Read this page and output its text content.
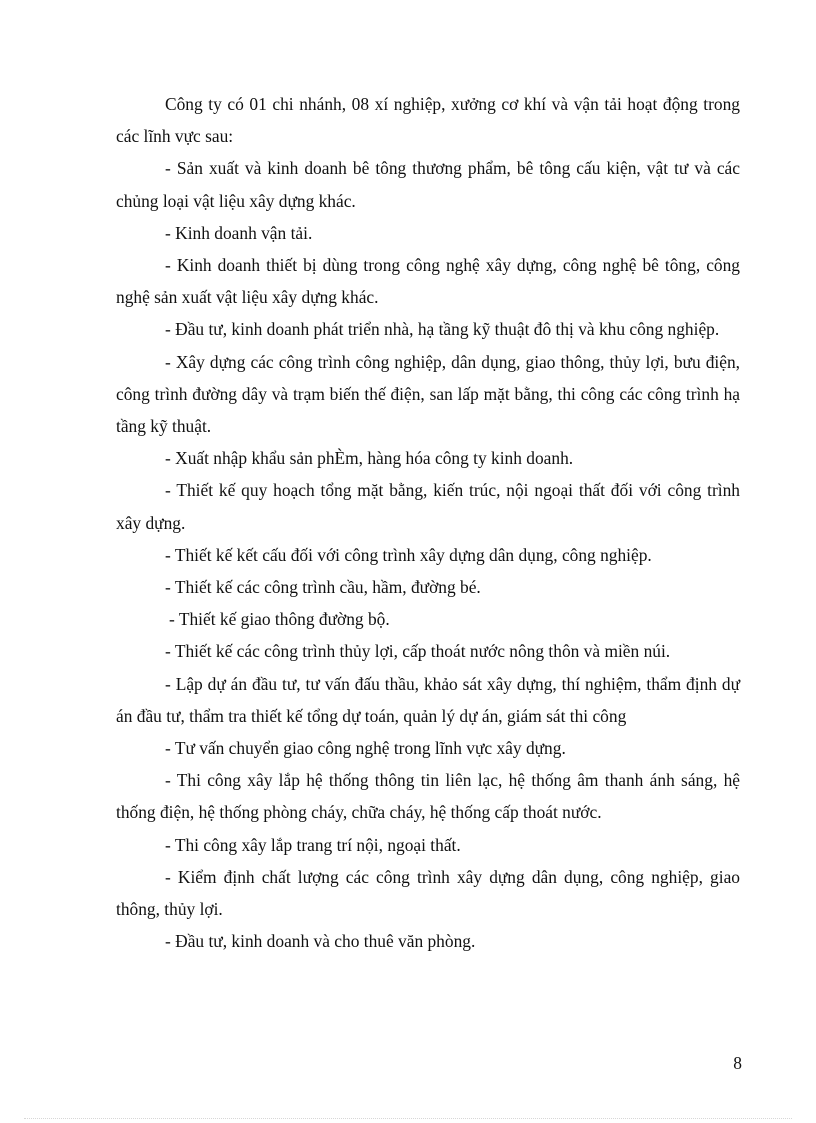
Công ty có 01 chi nhánh, 08 xí nghiệp, xưởng cơ khí và vận tải hoạt động trong các lĩnh vực sau:

- Sản xuất và kinh doanh bê tông thương phẩm, bê tông cấu kiện, vật tư và các chủng loại vật liệu xây dựng khác.

- Kinh doanh vận tải.

- Kinh doanh thiết bị dùng trong công nghệ xây dựng, công nghệ bê tông, công nghệ sản xuất vật liệu xây dựng khác.

- Đầu tư, kinh doanh phát triển nhà, hạ tầng kỹ thuật đô thị và khu công nghiệp.

- Xây dựng các công trình công nghiệp, dân dụng, giao thông, thủy lợi, bưu điện, công trình đường dây và trạm biến thế điện, san lấp mặt bằng, thi công các công trình hạ tầng kỹ thuật.

- Xuất nhập khẩu sản phÈm, hàng hóa công ty kinh doanh.

- Thiết kế quy hoạch tổng mặt bằng, kiến trúc, nội ngoại thất đối với công trình xây dựng.

- Thiết kế kết cấu đối với công trình xây dựng dân dụng, công nghiệp.

- Thiết kế các công trình cầu, hầm, đường bé.

- Thiết kế giao thông đường bộ.

- Thiết kế các công trình thủy lợi, cấp thoát nước nông thôn và miền núi.

- Lập dự án đầu tư, tư vấn đấu thầu, khảo sát xây dựng, thí nghiệm, thẩm định dự án đầu tư, thẩm tra thiết kế tổng dự toán, quản lý dự án, giám sát thi công

- Tư vấn chuyển giao công nghệ trong lĩnh vực xây dựng.

- Thi công xây lắp hệ thống thông tin liên lạc, hệ thống âm thanh ánh sáng, hệ thống điện, hệ thống phòng cháy, chữa cháy, hệ thống cấp thoát nước.

- Thi công xây lắp trang trí nội, ngoại thất.

- Kiểm định chất lượng các công trình xây dựng dân dụng, công nghiệp, giao thông, thủy lợi.

- Đầu tư, kinh doanh và cho thuê văn phòng.

8
